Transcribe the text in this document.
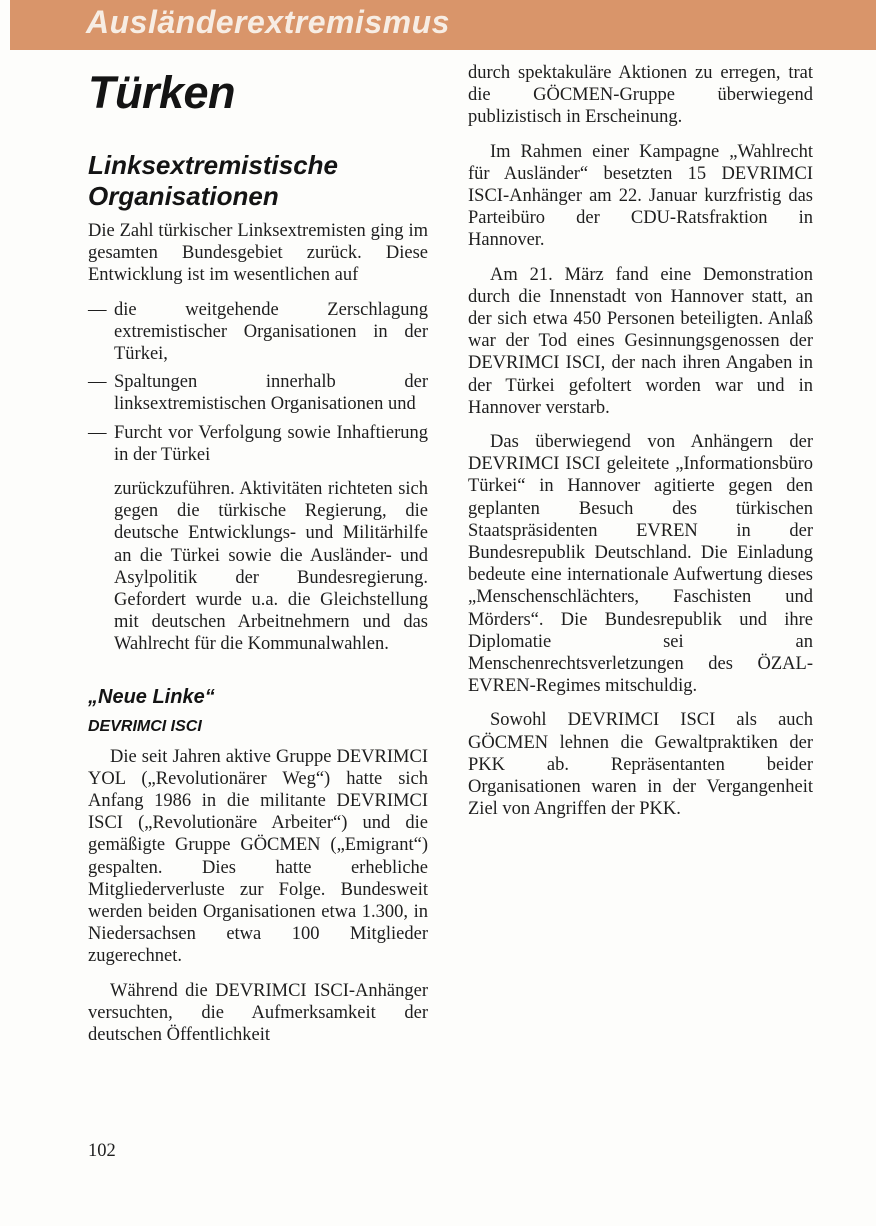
Ausländerextremismus
Türken
Linksextremistische Organisationen

Die Zahl türkischer Linksextremisten ging im gesamten Bundesgebiet zurück. Diese Entwicklung ist im wesentlichen auf

— die weitgehende Zerschlagung extremistischer Organisationen in der Türkei,
— Spaltungen innerhalb der linksextremistischen Organisationen und
— Furcht vor Verfolgung sowie Inhaftierung in der Türkei

zurückzuführen. Aktivitäten richteten sich gegen die türkische Regierung, die deutsche Entwicklungs- und Militärhilfe an die Türkei sowie die Ausländer- und Asylpolitik der Bundesregierung. Gefordert wurde u.a. die Gleichstellung mit deutschen Arbeitnehmern und das Wahlrecht für die Kommunalwahlen.

„Neue Linke“
DEVRIMCI ISCI

Die seit Jahren aktive Gruppe DEVRIMCI YOL („Revolutionärer Weg“) hatte sich Anfang 1986 in die militante DEVRIMCI ISCI („Revolutionäre Arbeiter“) und die gemäßigte Gruppe GÖCMEN („Emigrant“) gespalten. Dies hatte erhebliche Mitgliederverluste zur Folge. Bundesweit werden beiden Organisationen etwa 1.300, in Niedersachsen etwa 100 Mitglieder zugerechnet.

Während die DEVRIMCI ISCI-Anhänger versuchten, die Aufmerksamkeit der deutschen Öffentlichkeit

durch spektakuläre Aktionen zu erregen, trat die GÖCMEN-Gruppe überwiegend publizistisch in Erscheinung.

Im Rahmen einer Kampagne „Wahlrecht für Ausländer“ besetzten 15 DEVRIMCI ISCI-Anhänger am 22. Januar kurzfristig das Parteibüro der CDU-Ratsfraktion in Hannover.

Am 21. März fand eine Demonstration durch die Innenstadt von Hannover statt, an der sich etwa 450 Personen beteiligten. Anlaß war der Tod eines Gesinnungsgenossen der DEVRIMCI ISCI, der nach ihren Angaben in der Türkei gefoltert worden war und in Hannover verstarb.

Das überwiegend von Anhängern der DEVRIMCI ISCI geleitete „Informationsbüro Türkei“ in Hannover agitierte gegen den geplanten Besuch des türkischen Staatspräsidenten EVREN in der Bundesrepublik Deutschland. Die Einladung bedeute eine internationale Aufwertung dieses „Menschenschlächters, Faschisten und Mörders“. Die Bundesrepublik und ihre Diplomatie sei an Menschenrechtsverletzungen des ÖZAL-EVREN-Regimes mitschuldig.

Sowohl DEVRIMCI ISCI als auch GÖCMEN lehnen die Gewaltpraktiken der PKK ab. Repräsentanten beider Organisationen waren in der Vergangenheit Ziel von Angriffen der PKK.

102
